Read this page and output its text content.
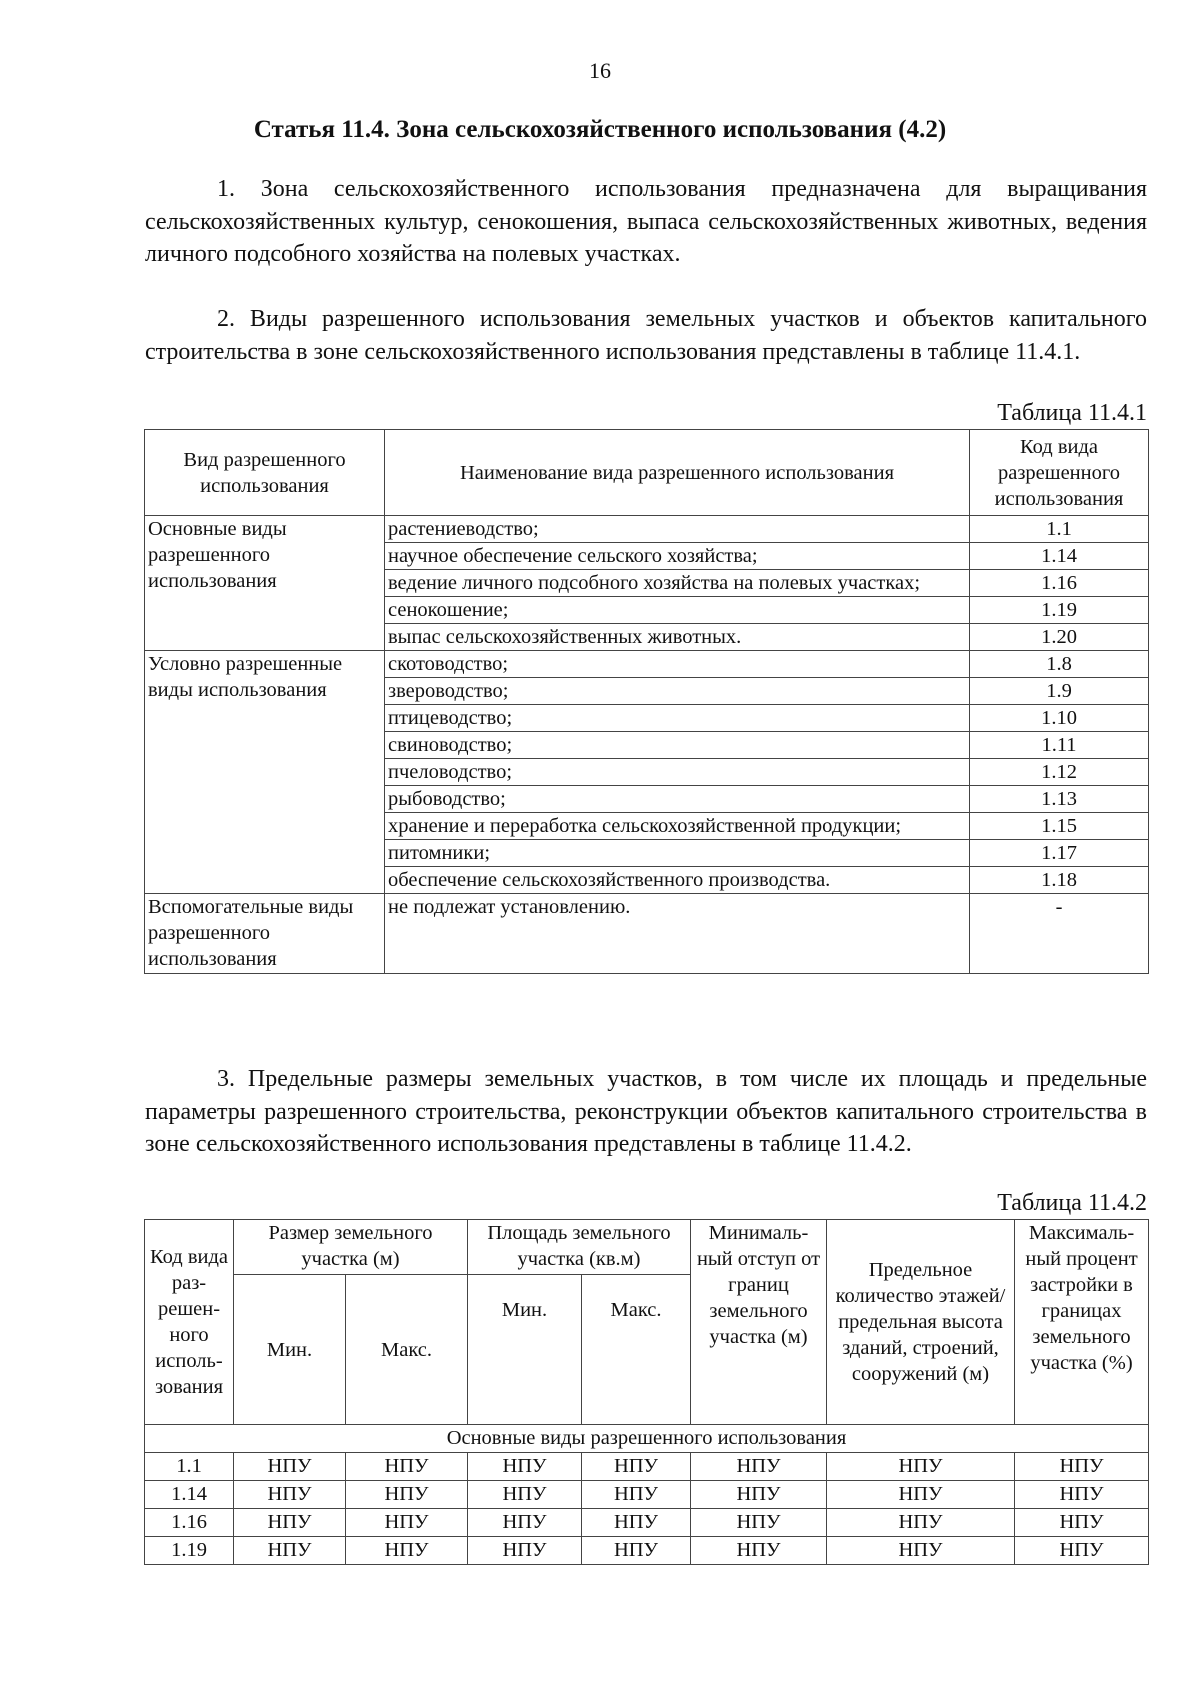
16
Статья 11.4. Зона сельскохозяйственного использования (4.2)

1. Зона сельскохозяйственного использования предназначена для выращивания сельскохозяйственных культур, сенокошения, выпаса сельскохозяйственных животных, ведения личного подсобного хозяйства на полевых участках.

2. Виды разрешенного использования земельных участков и объектов капитального строительства в зоне сельскохозяйственного использования представлены в таблице 11.4.1.

Таблица 11.4.1
Вид разрешенного использования	Наименование вида разрешенного использования	Код вида разрешенного использования
Основные виды разрешенного использования	растениеводство;	1.1
	научное обеспечение сельского хозяйства;	1.14
	ведение личного подсобного хозяйства на полевых участках;	1.16
	сенокошение;	1.19
	выпас сельскохозяйственных животных.	1.20
Условно разрешенные виды использования	скотоводство;	1.8
	звероводство;	1.9
	птицеводство;	1.10
	свиноводство;	1.11
	пчеловодство;	1.12
	рыбоводство;	1.13
	хранение и переработка сельскохозяйственной продукции;	1.15
	питомники;	1.17
	обеспечение сельскохозяйственного производства.	1.18
Вспомогательные виды разрешенного использования	не подлежат установлению.	-

3. Предельные размеры земельных участков, в том числе их площадь и предельные параметры разрешенного строительства, реконструкции объектов капитального строительства в зоне сельскохозяйственного использования представлены в таблице 11.4.2.

Таблица 11.4.2
Код вида раз-решен-ного исполь-зования	Размер земельного участка (м)		Площадь земельного участка (кв.м)		Минималь-ный отступ от границ земельного участка (м)	Предельное количество этажей/ предельная высота зданий, строений, сооружений (м)	Максималь-ный процент застройки в границах земельного участка (%)
	Мин.	Макс.	Мин.	Макс.			
Основные виды разрешенного использования							
1.1	НПУ	НПУ	НПУ	НПУ	НПУ	НПУ	НПУ
1.14	НПУ	НПУ	НПУ	НПУ	НПУ	НПУ	НПУ
1.16	НПУ	НПУ	НПУ	НПУ	НПУ	НПУ	НПУ
1.19	НПУ	НПУ	НПУ	НПУ	НПУ	НПУ	НПУ
